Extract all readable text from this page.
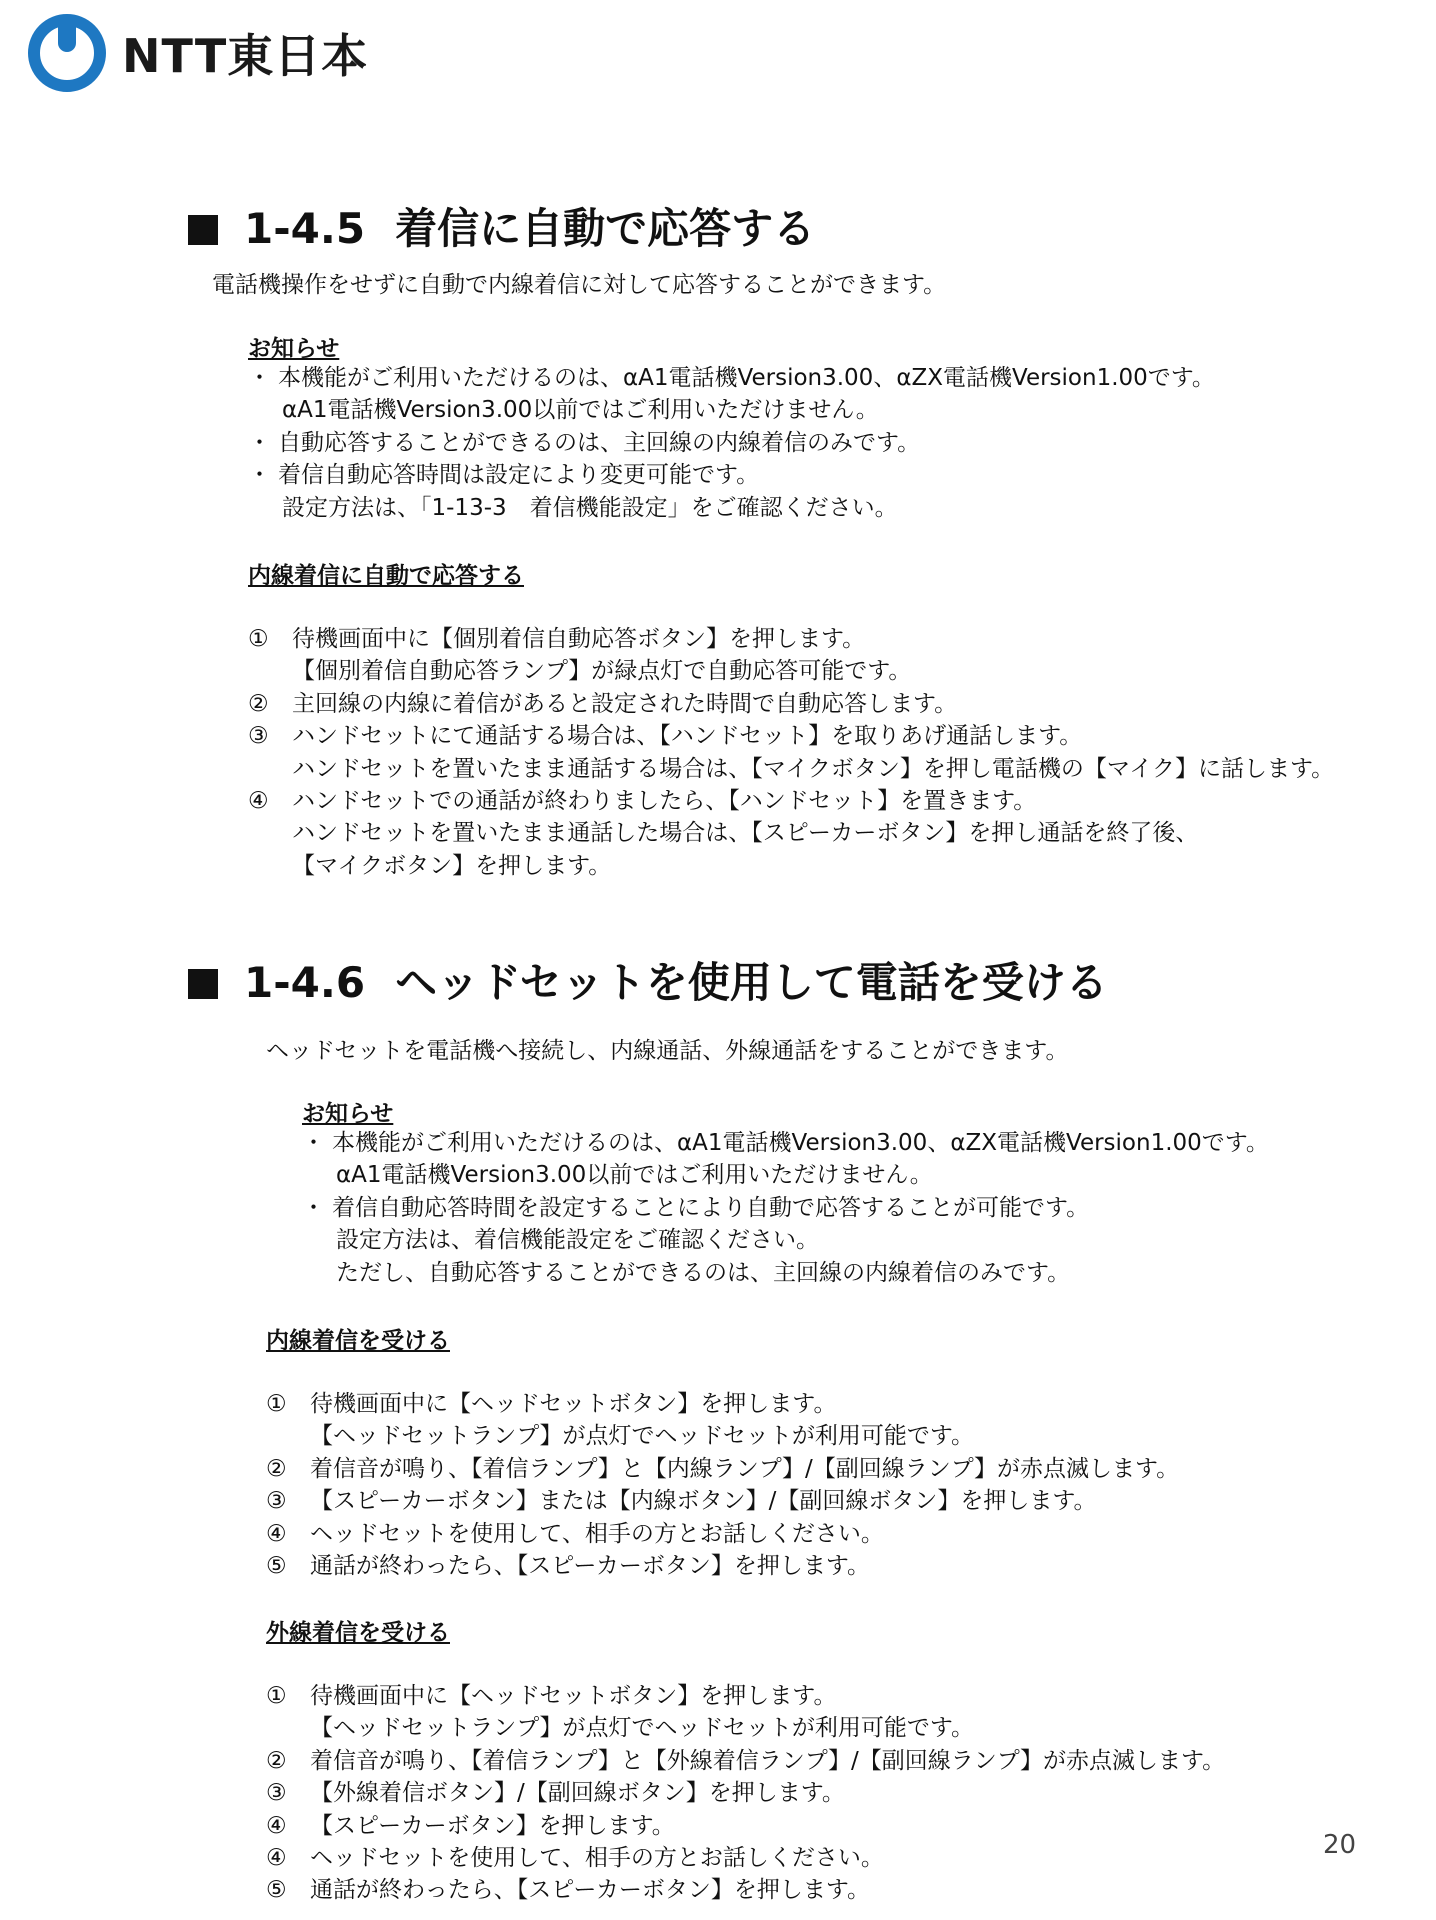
NTT東日本
1-4.5 着信に自動で応答する
電話機操作をせずに自動で内線着信に対して応答することができます。
お知らせ
・ 本機能がご利用いただけるのは、αA1電話機Version3.00、αZX電話機Version1.00です。
αA1電話機Version3.00以前ではご利用いただけません。
・ 自動応答することができるのは、主回線の内線着信のみです。
・ 着信自動応答時間は設定により変更可能です。
設定方法は、「1-13-3　着信機能設定」をご確認ください。
内線着信に自動で応答する
① 待機画面中に【個別着信自動応答ボタン】を押します。
【個別着信自動応答ランプ】が緑点灯で自動応答可能です。
② 主回線の内線に着信があると設定された時間で自動応答します。
③ ハンドセットにて通話する場合は、【ハンドセット】を取りあげ通話します。
ハンドセットを置いたまま通話する場合は、【マイクボタン】を押し電話機の【マイク】に話します。
④ ハンドセットでの通話が終わりましたら、【ハンドセット】を置きます。
ハンドセットを置いたまま通話した場合は、【スピーカーボタン】を押し通話を終了後、
【マイクボタン】を押します。
1-4.6 ヘッドセットを使用して電話を受ける
ヘッドセットを電話機へ接続し、内線通話、外線通話をすることができます。
お知らせ
・ 本機能がご利用いただけるのは、αA1電話機Version3.00、αZX電話機Version1.00です。
αA1電話機Version3.00以前ではご利用いただけません。
・ 着信自動応答時間を設定することにより自動で応答することが可能です。
設定方法は、着信機能設定をご確認ください。
ただし、自動応答することができるのは、主回線の内線着信のみです。
内線着信を受ける
① 待機画面中に【ヘッドセットボタン】を押します。
【ヘッドセットランプ】が点灯でヘッドセットが利用可能です。
② 着信音が鳴り、【着信ランプ】と【内線ランプ】/【副回線ランプ】が赤点滅します。
③ 【スピーカーボタン】または【内線ボタン】/【副回線ボタン】を押します。
④ ヘッドセットを使用して、相手の方とお話しください。
⑤ 通話が終わったら、【スピーカーボタン】を押します。
外線着信を受ける
① 待機画面中に【ヘッドセットボタン】を押します。
【ヘッドセットランプ】が点灯でヘッドセットが利用可能です。
② 着信音が鳴り、【着信ランプ】と【外線着信ランプ】/【副回線ランプ】が赤点滅します。
③ 【外線着信ボタン】/【副回線ボタン】を押します。
④ 【スピーカーボタン】を押します。
④ ヘッドセットを使用して、相手の方とお話しください。
⑤ 通話が終わったら、【スピーカーボタン】を押します。
20
